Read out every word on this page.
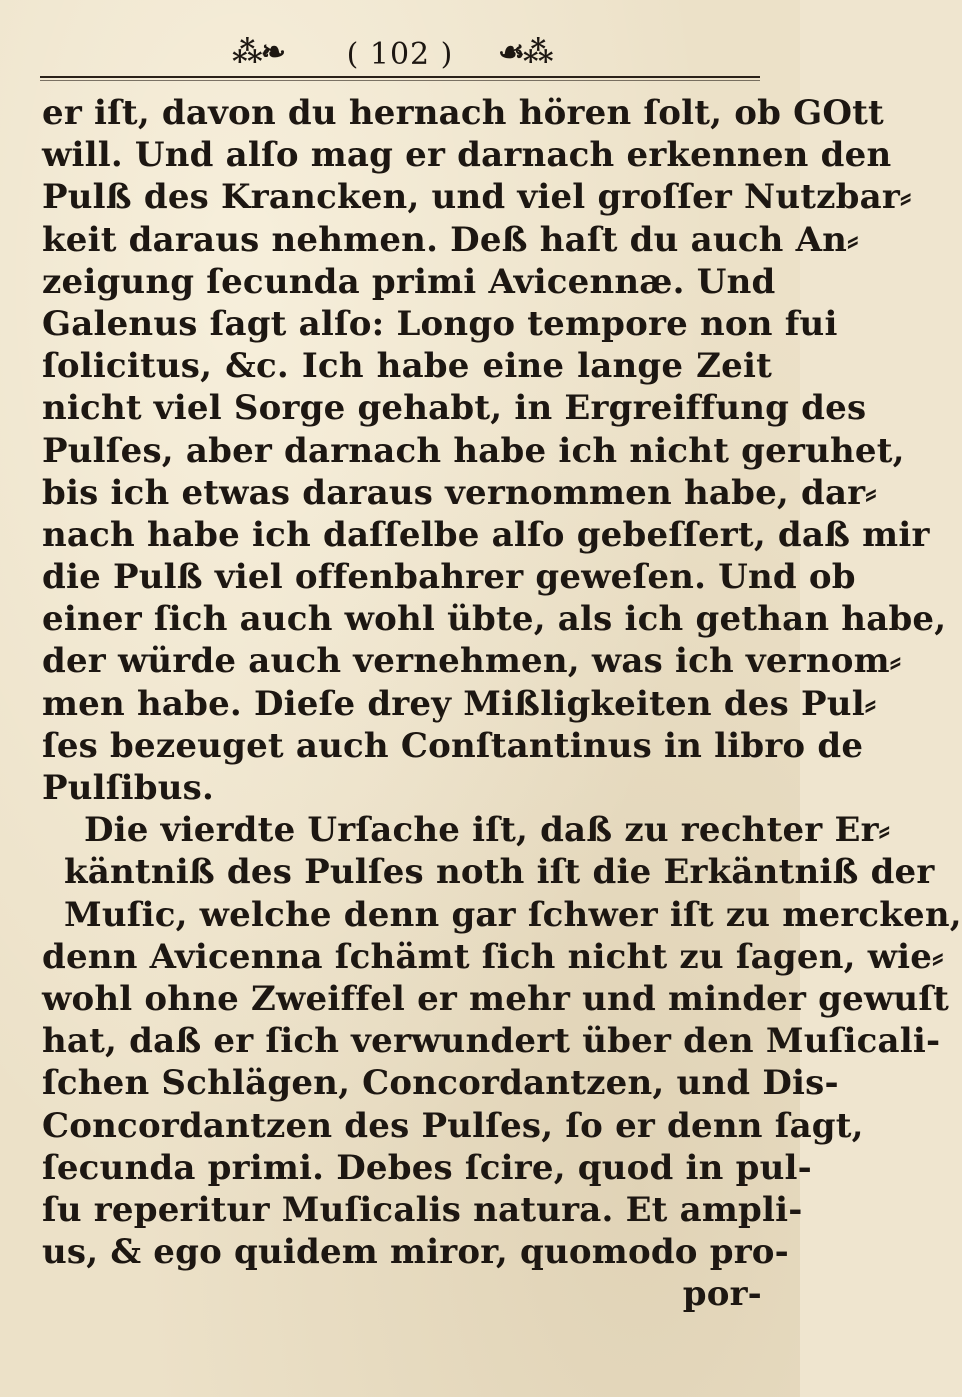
⁂❧	( 102 )	☙⁂
er iſt, davon du hernach hören ſolt, ob GOtt
will. Und alſo mag er darnach erkennen den
Pulß des Krancken, und viel groſſer Nutzbar⸗
keit daraus nehmen. Deß haſt du auch An⸗
zeigung ſecunda primi Avicennæ. Und
Galenus ſagt alſo: Longo tempore non fui
ſolicitus, &c. Ich habe eine lange Zeit
nicht viel Sorge gehabt, in Ergreiffung des
Pulſes, aber darnach habe ich nicht geruhet,
bis ich etwas daraus vernommen habe, dar⸗
nach habe ich daſſelbe alſo gebeſſert, daß mir
die Pulß viel offenbahrer geweſen. Und ob
einer ſich auch wohl übte, als ich gethan habe,
der würde auch vernehmen, was ich vernom⸗
men habe. Dieſe drey Mißligkeiten des Pul⸗
ſes bezeuget auch Conſtantinus in libro de
Pulſibus.
Die vierdte Urſache iſt, daß zu rechter Er⸗
käntniß des Pulſes noth iſt die Erkäntniß der
Muſic, welche denn gar ſchwer iſt zu mercken,
denn Avicenna ſchämt ſich nicht zu ſagen, wie⸗
wohl ohne Zweiffel er mehr und minder gewuſt
hat, daß er ſich verwundert über den Muſicali-
ſchen Schlägen, Concordantzen, und Dis-
Concordantzen des Pulſes, ſo er denn ſagt,
ſecunda primi. Debes ſcire, quod in pul-
ſu reperitur Muſicalis natura. Et ampli-
us, & ego quidem miror, quomodo pro-
por-
